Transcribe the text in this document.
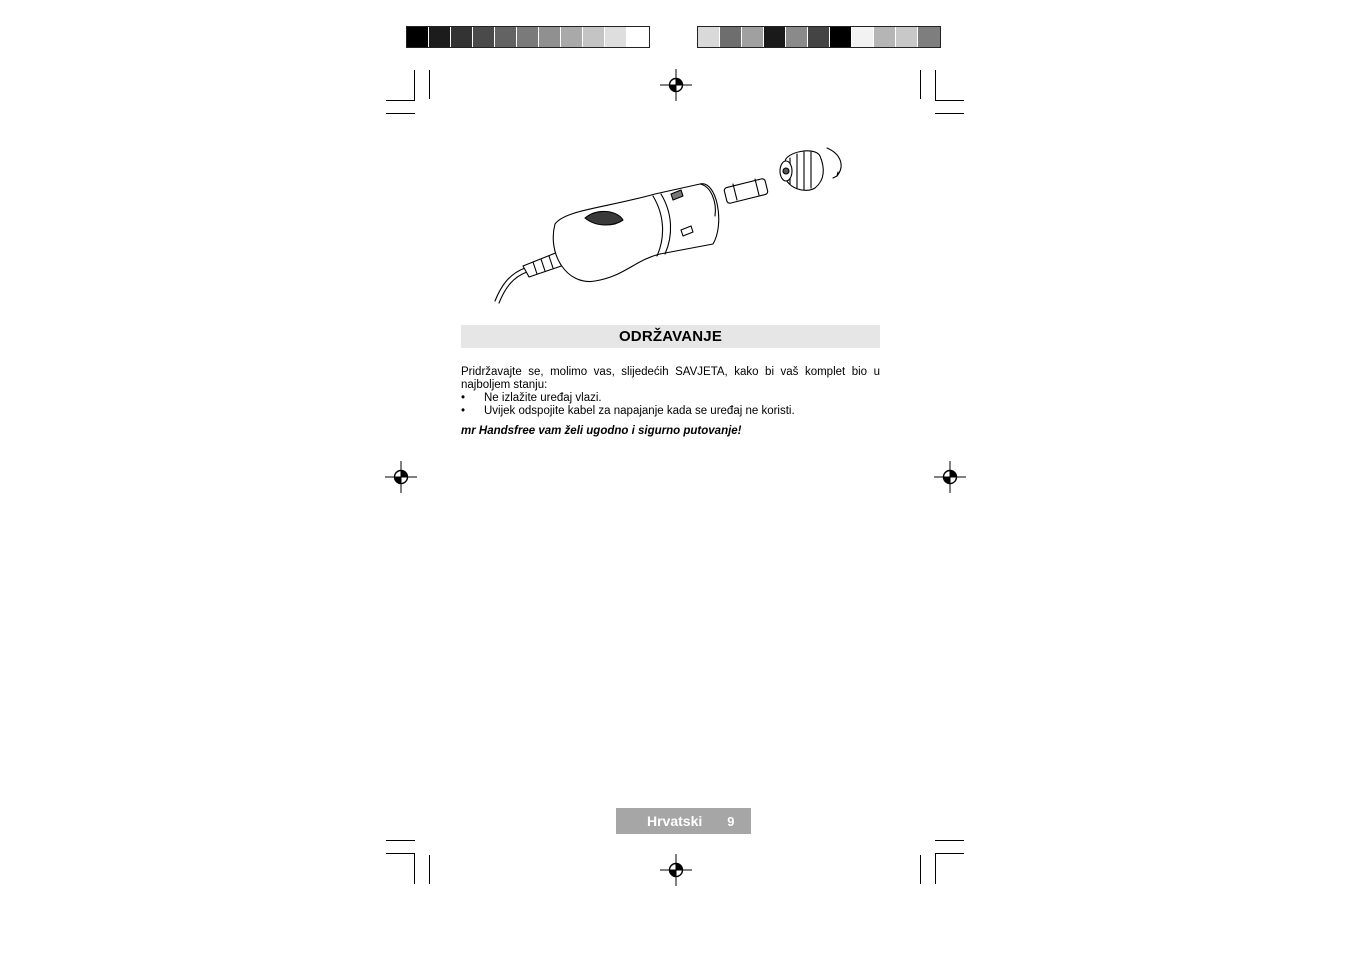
ODRŽAVANJE

Pridržavajte se, molimo vas, slijedećih SAVJETA, kako bi vaš komplet bio u najboljem stanju:

• Ne izlažite uređaj vlazi.
• Uvijek odspojite kabel za napajanje kada se uređaj ne koristi.

mr Handsfree vam želi ugodno i sigurno putovanje!

Hrvatski 9
